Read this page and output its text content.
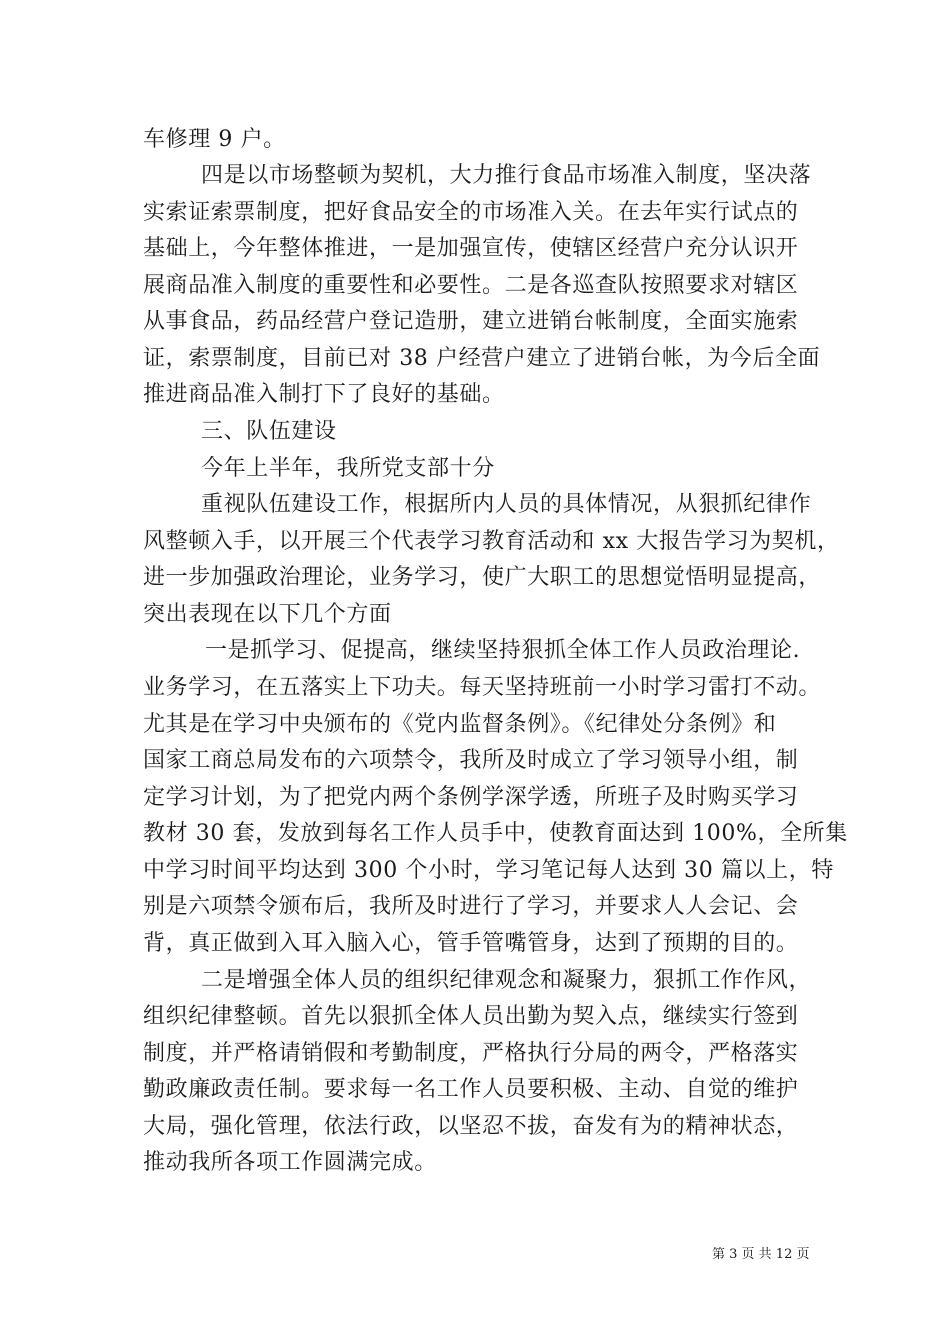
车修理 9 户。
四是以市场整顿为契机，大力推行食品市场准入制度，坚决落
实索证索票制度，把好食品安全的市场准入关。在去年实行试点的
基础上，今年整体推进，一是加强宣传，使辖区经营户充分认识开
展商品准入制度的重要性和必要性。二是各巡查队按照要求对辖区
从事食品，药品经营户登记造册，建立进销台帐制度，全面实施索
证，索票制度，目前已对 38 户经营户建立了进销台帐，为今后全面
推进商品准入制打下了良好的基础。
三、队伍建设
今年上半年，我所党支部十分
重视队伍建设工作，根据所内人员的具体情况，从狠抓纪律作
风整顿入手，以开展三个代表学习教育活动和 xx 大报告学习为契机，
进一步加强政治理论，业务学习，使广大职工的思想觉悟明显提高，
突出表现在以下几个方面
一是抓学习、促提高，继续坚持狠抓全体工作人员政治理论.
业务学习，在五落实上下功夫。每天坚持班前一小时学习雷打不动。
尤其是在学习中央颁布的《党内监督条例》。《纪律处分条例》和
国家工商总局发布的六项禁令，我所及时成立了学习领导小组，制
定学习计划，为了把党内两个条例学深学透，所班子及时购买学习
教材 30 套，发放到每名工作人员手中，使教育面达到 100%，全所集
中学习时间平均达到 300 个小时，学习笔记每人达到 30 篇以上，特
别是六项禁令颁布后，我所及时进行了学习，并要求人人会记、会
背，真正做到入耳入脑入心，管手管嘴管身，达到了预期的目的。
二是增强全体人员的组织纪律观念和凝聚力，狠抓工作作风，
组织纪律整顿。首先以狠抓全体人员出勤为契入点，继续实行签到
制度，并严格请销假和考勤制度，严格执行分局的两令，严格落实
勤政廉政责任制。要求每一名工作人员要积极、主动、自觉的维护
大局，强化管理，依法行政，以坚忍不拔，奋发有为的精神状态，
推动我所各项工作圆满完成。
第 3 页 共 12 页
